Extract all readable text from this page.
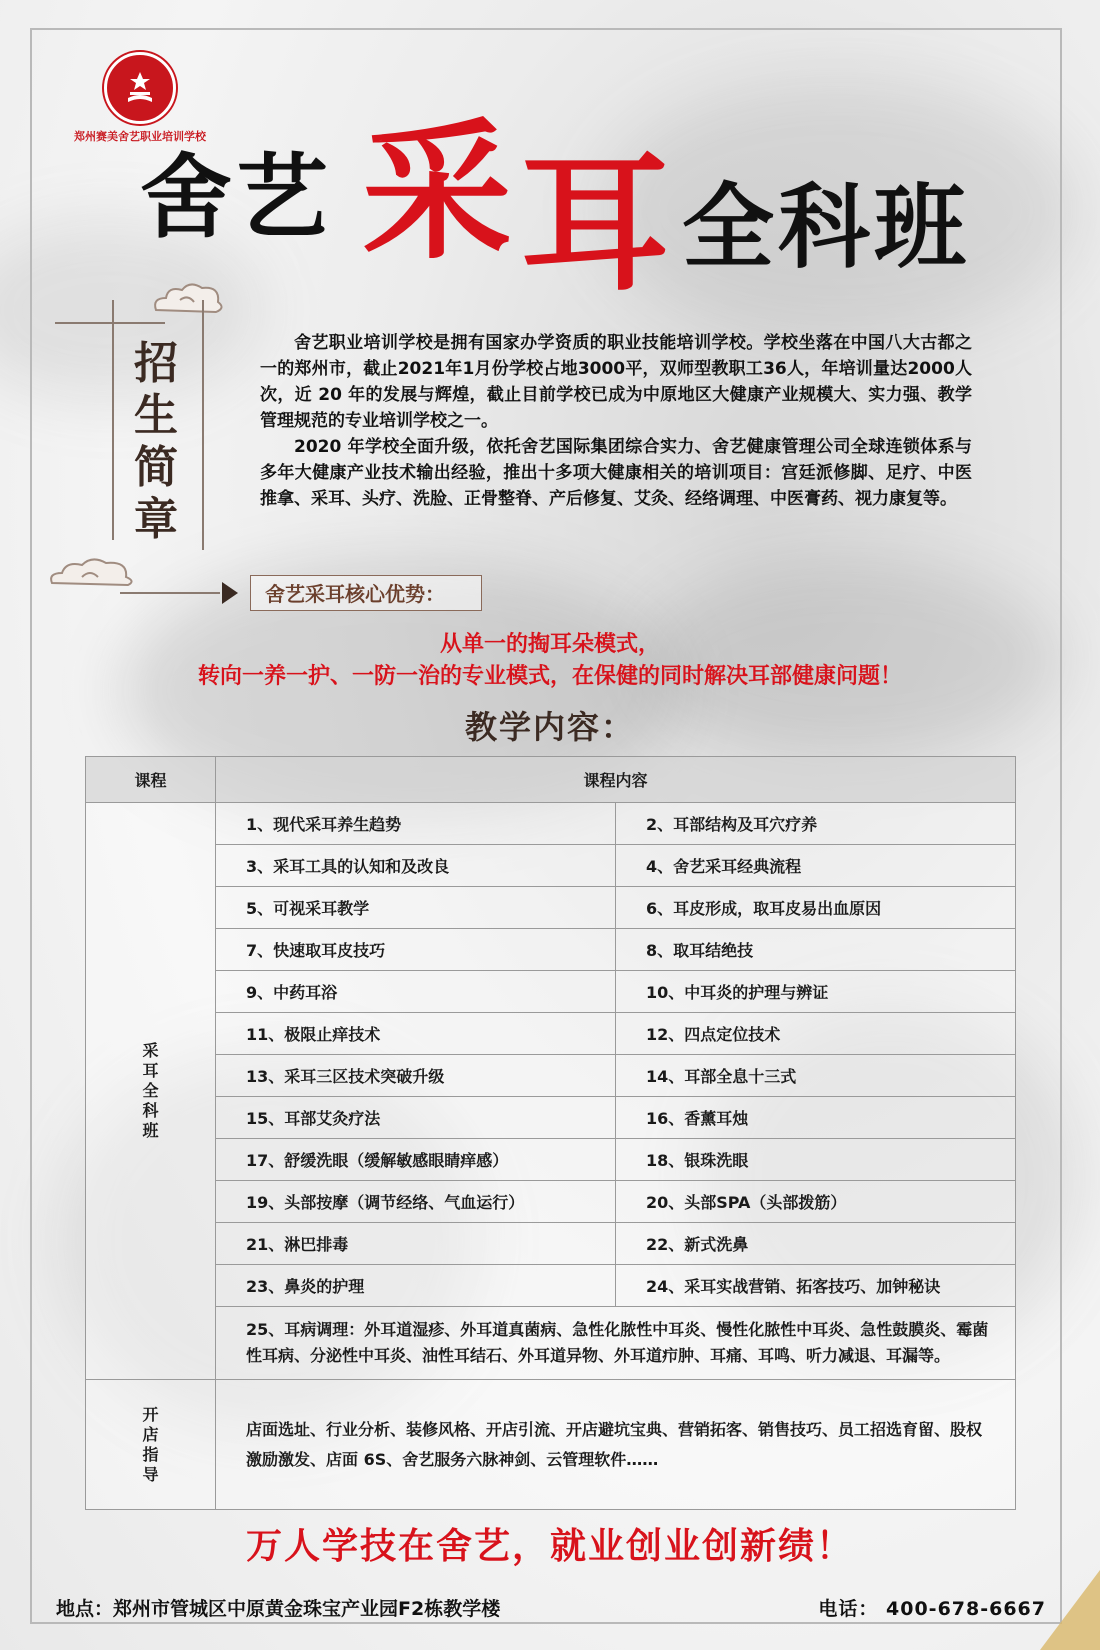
郑州赛美舍艺职业培训学校
舍艺 采 耳 全科班
招
生
简
章

舍艺职业培训学校是拥有国家办学资质的职业技能培训学校。学校坐落在中国八大古都之一的郑州市，截止2021年1月份学校占地3000平，双师型教职工36人，年培训量达2000人次，近 20 年的发展与辉煌，截止目前学校已成为中原地区大健康产业规模大、实力强、教学管理规范的专业培训学校之一。

2020 年学校全面升级，依托舍艺国际集团综合实力、舍艺健康管理公司全球连锁体系与多年大健康产业技术输出经验，推出十多项大健康相关的培训项目：宫廷派修脚、足疗、中医推拿、采耳、头疗、洗脸、正骨整脊、产后修复、艾灸、经络调理、中医膏药、视力康复等。

舍艺采耳核心优势：
从单一的掏耳朵模式，
转向一养一护、一防一治的专业模式，在保健的同时解决耳部健康问题！
教学内容：
课程	课程内容	

采耳全科班	1、现代采耳养生趋势	2、耳部结构及耳穴疗养
	3、采耳工具的认知和及改良	4、舍艺采耳经典流程
	5、可视采耳教学	6、耳皮形成，取耳皮易出血原因
	7、快速取耳皮技巧	8、取耳结绝技
	9、中药耳浴	10、中耳炎的护理与辨证
	11、极限止痒技术	12、四点定位技术
	13、采耳三区技术突破升级	14、耳部全息十三式
	15、耳部艾灸疗法	16、香薰耳烛
	17、舒缓洗眼（缓解敏感眼睛痒感）	18、银珠洗眼
	19、头部按摩（调节经络、气血运行）	20、头部SPA（头部拨筋）
	21、淋巴排毒	22、新式洗鼻
	23、鼻炎的护理	24、采耳实战营销、拓客技巧、加钟秘诀
	25、耳病调理：外耳道湿疹、外耳道真菌病、急性化脓性中耳炎、慢性化脓性中耳炎、急性鼓膜炎、霉菌性耳病、分泌性中耳炎、油性耳结石、外耳道异物、外耳道疖肿、耳痛、耳鸣、听力减退、耳漏等。	

开店指导	店面选址、行业分析、装修风格、开店引流、开店避坑宝典、营销拓客、销售技巧、员工招选育留、股权激励激发、店面 6S、舍艺服务六脉神剑、云管理软件……	
万人学技在舍艺，就业创业创新绩！
地点：郑州市管城区中原黄金珠宝产业园F2栋教学楼	电话： 400-678-6667
